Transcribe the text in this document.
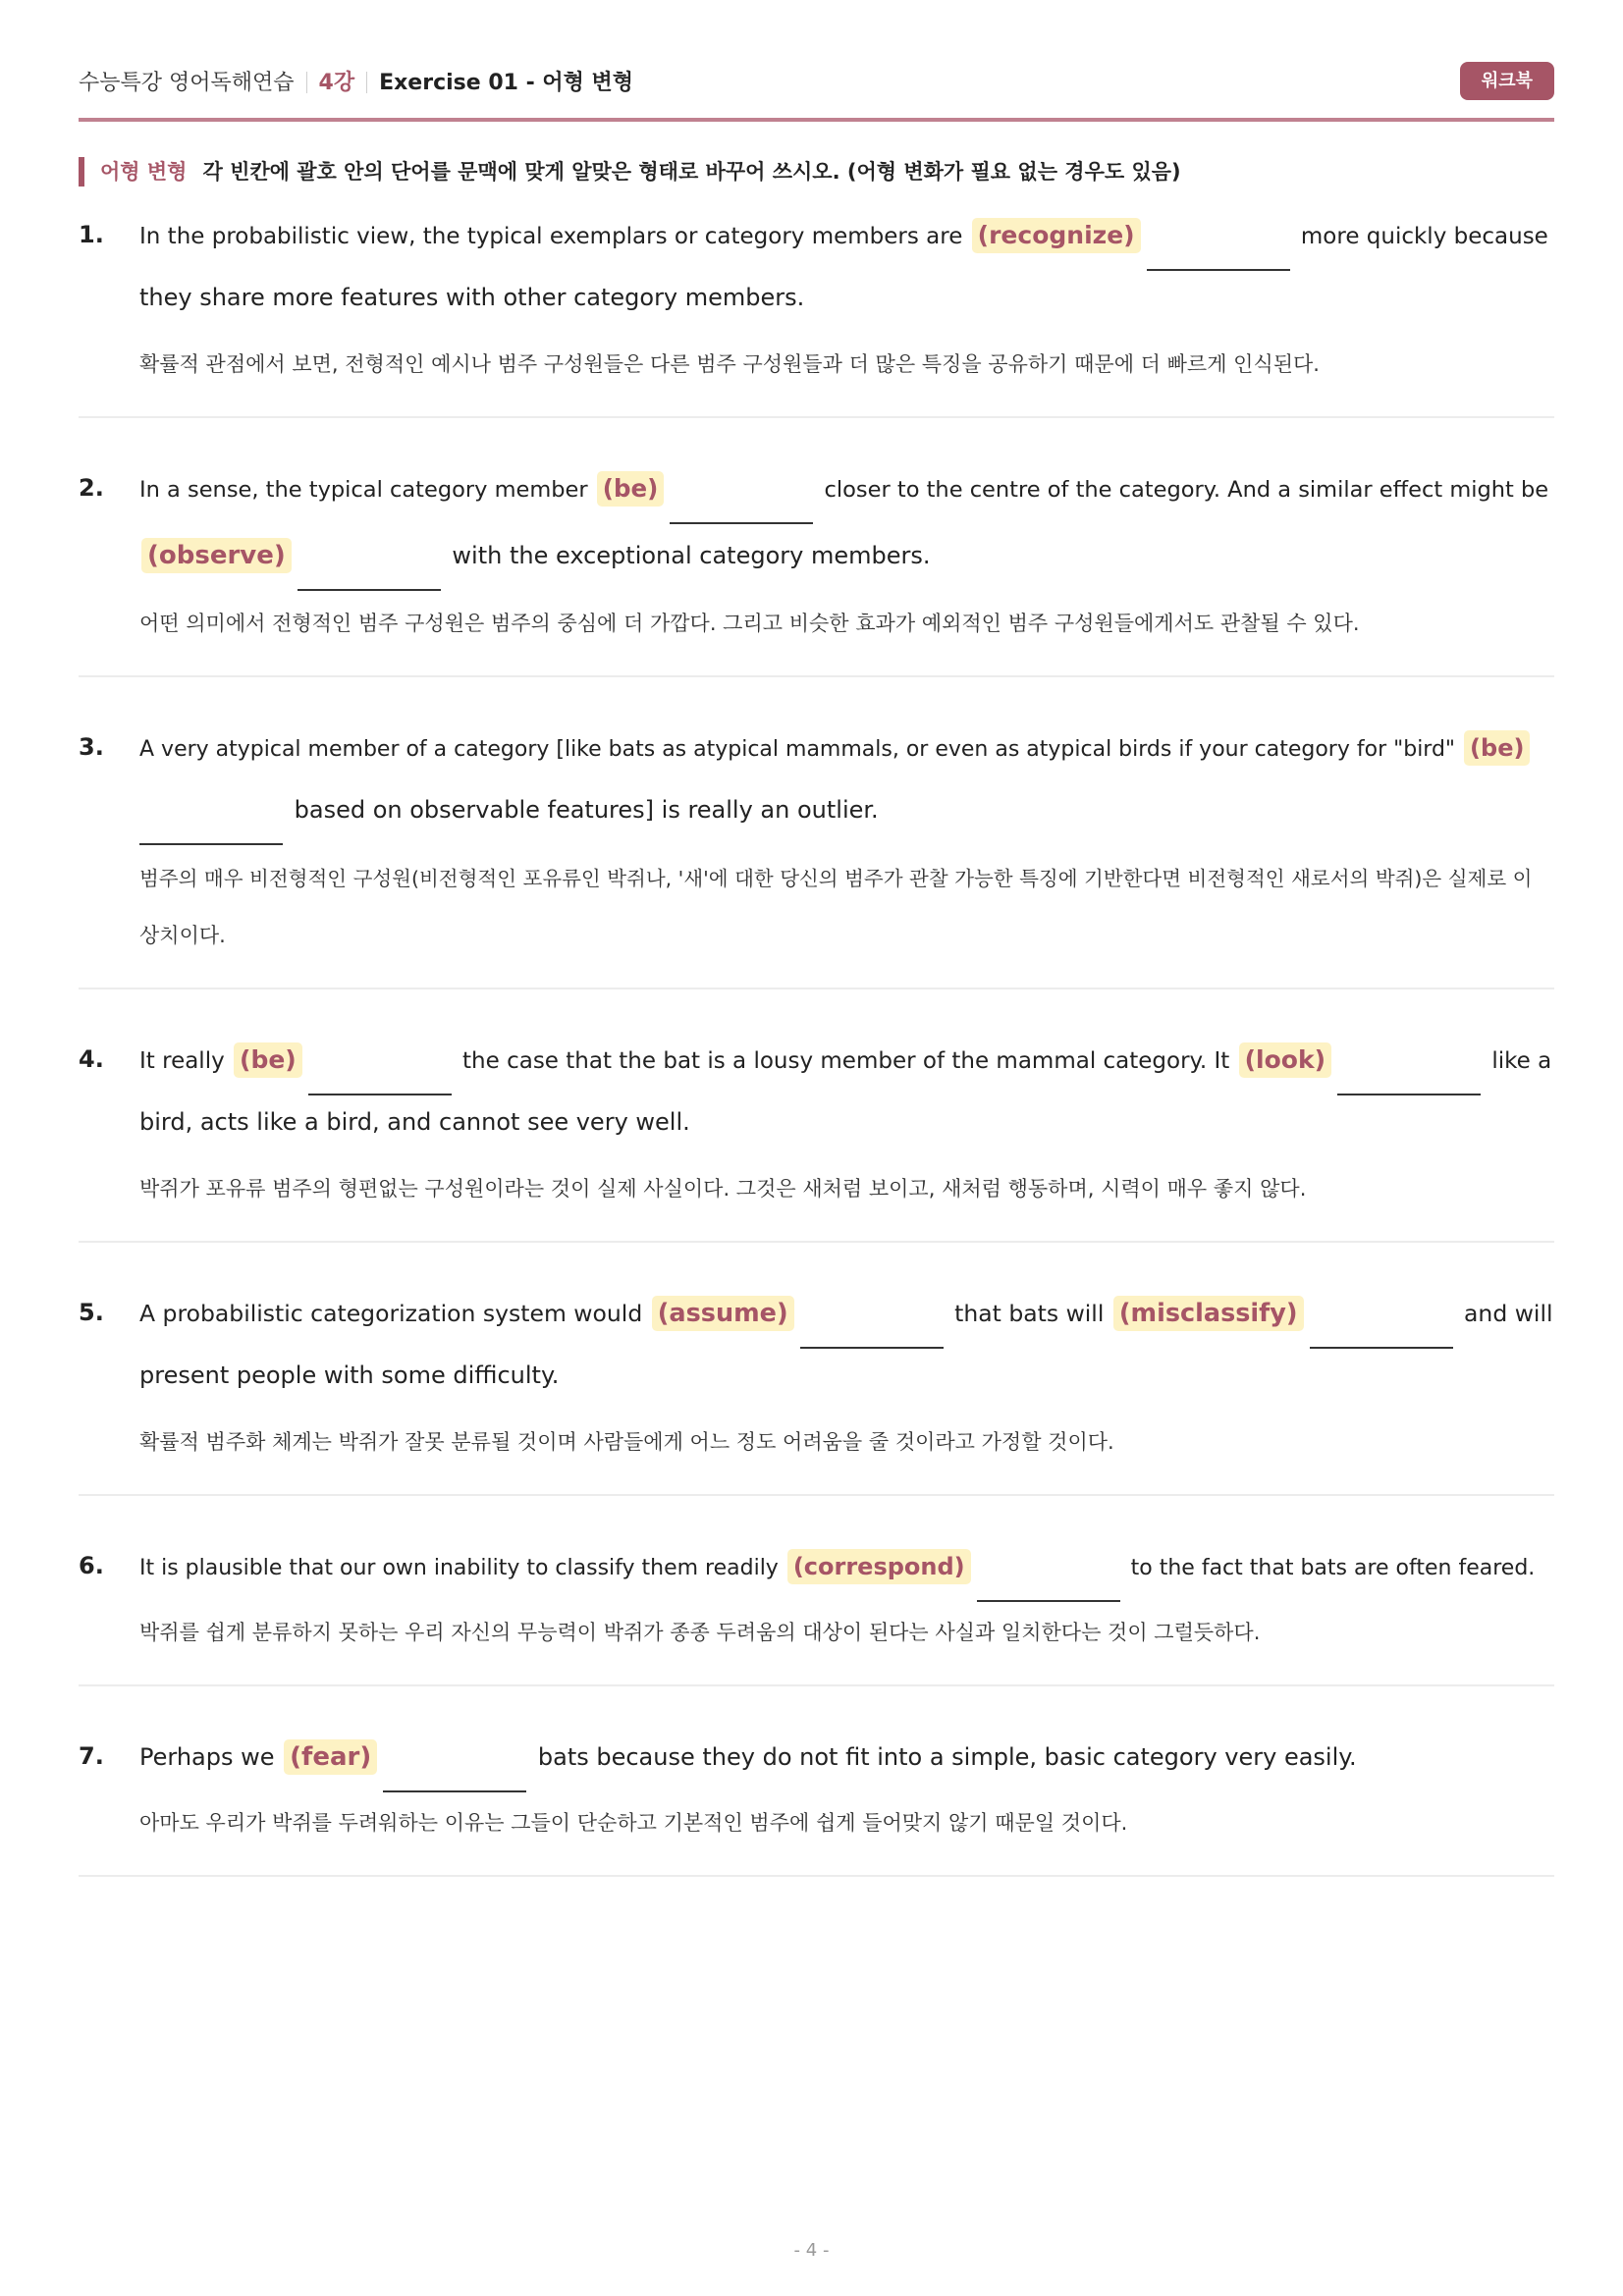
수능특강 영어독해연습 4강 Exercise 01 - 어형 변형	워크북
어형 변형 각 빈칸에 괄호 안의 단어를 문맥에 맞게 알맞은 형태로 바꾸어 쓰시오. (어형 변화가 필요 없는 경우도 있음)
1. In the probabilistic view, the typical exemplars or category members are (recognize)	more quickly because
they share more features with other category members.
확률적 관점에서 보면, 전형적인 예시나 범주 구성원들은 다른 범주 구성원들과 더 많은 특징을 공유하기 때문에 더 빠르게 인식된다.
2. In a sense, the typical category member (be)	closer to the centre of the category. And a similar effect might be
(observe)	with the exceptional category members.
어떤 의미에서 전형적인 범주 구성원은 범주의 중심에 더 가깝다. 그리고 비슷한 효과가 예외적인 범주 구성원들에게서도 관찰될 수 있다.
3. A very atypical member of a category [like bats as atypical mammals, or even as atypical birds if your category for "bird" (be)
based on observable features] is really an outlier.
범주의 매우 비전형적인 구성원(비전형적인 포유류인 박쥐나, '새'에 대한 당신의 범주가 관찰 가능한 특징에 기반한다면 비전형적인 새로서의 박쥐)은 실제로 이
상치이다.
4. It really (be)	the case that the bat is a lousy member of the mammal category. It (look)	like a
bird, acts like a bird, and cannot see very well.
박쥐가 포유류 범주의 형편없는 구성원이라는 것이 실제 사실이다. 그것은 새처럼 보이고, 새처럼 행동하며, 시력이 매우 좋지 않다.
5. A probabilistic categorization system would (assume)	that bats will (misclassify)	and will
present people with some difficulty.
확률적 범주화 체계는 박쥐가 잘못 분류될 것이며 사람들에게 어느 정도 어려움을 줄 것이라고 가정할 것이다.
6. It is plausible that our own inability to classify them readily (correspond)	to the fact that bats are often feared.
박쥐를 쉽게 분류하지 못하는 우리 자신의 무능력이 박쥐가 종종 두려움의 대상이 된다는 사실과 일치한다는 것이 그럴듯하다.
7. Perhaps we (fear)	bats because they do not fit into a simple, basic category very easily.
아마도 우리가 박쥐를 두려워하는 이유는 그들이 단순하고 기본적인 범주에 쉽게 들어맞지 않기 때문일 것이다.
- 4 -
